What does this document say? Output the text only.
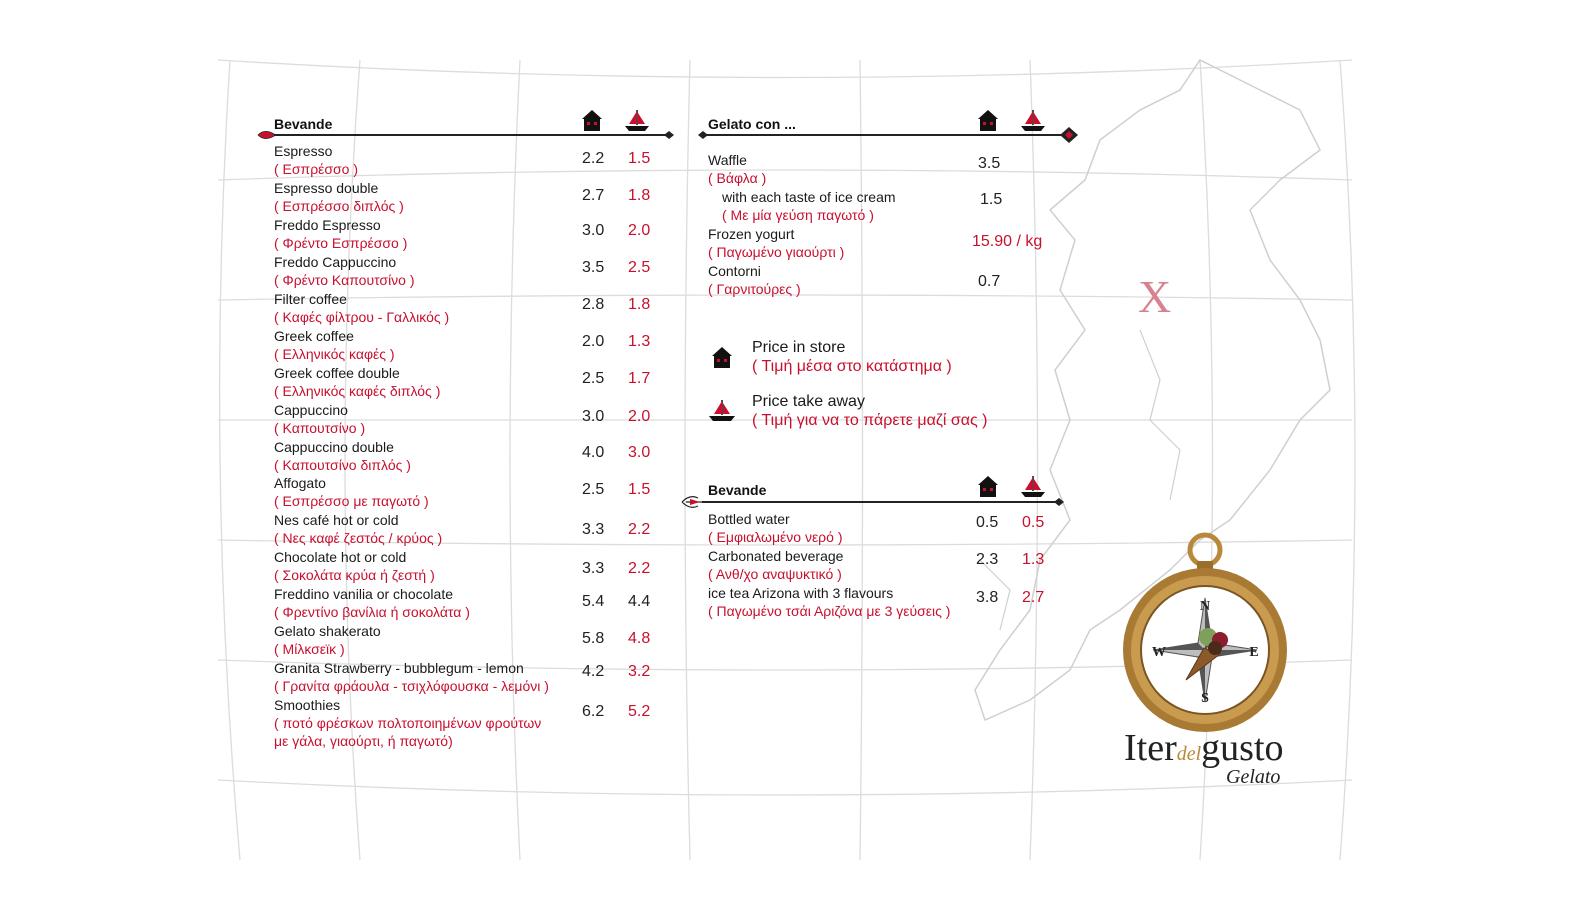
Bevande
Espresso
( Εσπρέσσο )
2.2 1.5
Espresso double
( Εσπρέσσο διπλός )
2.7 1.8
Freddo Espresso
( Φρέντο Εσπρέσσο )
3.0 2.0
Freddo Cappuccino
( Φρέντο Καπουτσίνο )
3.5 2.5
Filter coffee
( Καφές φίλτρου - Γαλλικός )
2.8 1.8
Greek coffee
( Ελληνικός καφές )
2.0 1.3
Greek coffee double
( Ελληνικός καφές διπλός )
2.5 1.7
Cappuccino
( Καπουτσίνο )
3.0 2.0
Cappuccino double
( Καπουτσίνο διπλός )
4.0 3.0
Affogato
( Εσπρέσσο με παγωτό )
2.5 1.5
Nes café hot or cold
( Νες καφέ ζεστός / κρύος )	3.3 2.2
Chocolate hot or cold
( Σοκολάτα κρύα ή ζεστή )	3.3 2.2
Freddino vanilia or chocolate
( Φρεντίνο βανίλια ή σοκολάτα )
5.4 4.4
Gelato shakerato
( Μίλκσεϊκ )
5.8 4.8
Granita Strawberry - bubblegum - lemon
( Γρανίτα φράουλα - τσιχλόφουσκα - λεμόνι )
4.2 3.2
Smoothies
( ποτό φρέσκων πολτοποιημένων φρούτων
με γάλα, γιαούρτι, ή παγωτό)
6.2 5.2
Gelato con ...
Waffle
( Βάφλα )
3.5
with each taste of ice cream
( Με μία γεύση παγωτό )
1.5
Frozen yogurt
( Παγωμένο γιαούρτι )
15.90 / kg
Contorni
( Γαρνιτούρες )	0.7
Price in store
( Τιμή μέσα στο κατάστημα )
Price take away
( Τιμή για να το πάρετε μαζί σας )
Bevande
Bottled water
( Εμφιαλωμένο νερό )
0.5 0.5
Carbonated beverage
( Ανθ/χο αναψυκτικό )
2.3 1.3
ice tea Arizona with 3 flavours
( Παγωμένο τσάι Αριζόνα με 3 γεύσεις )
3.8 2.7
X
N
S
W	E
Iterdelgusto
Gelato
